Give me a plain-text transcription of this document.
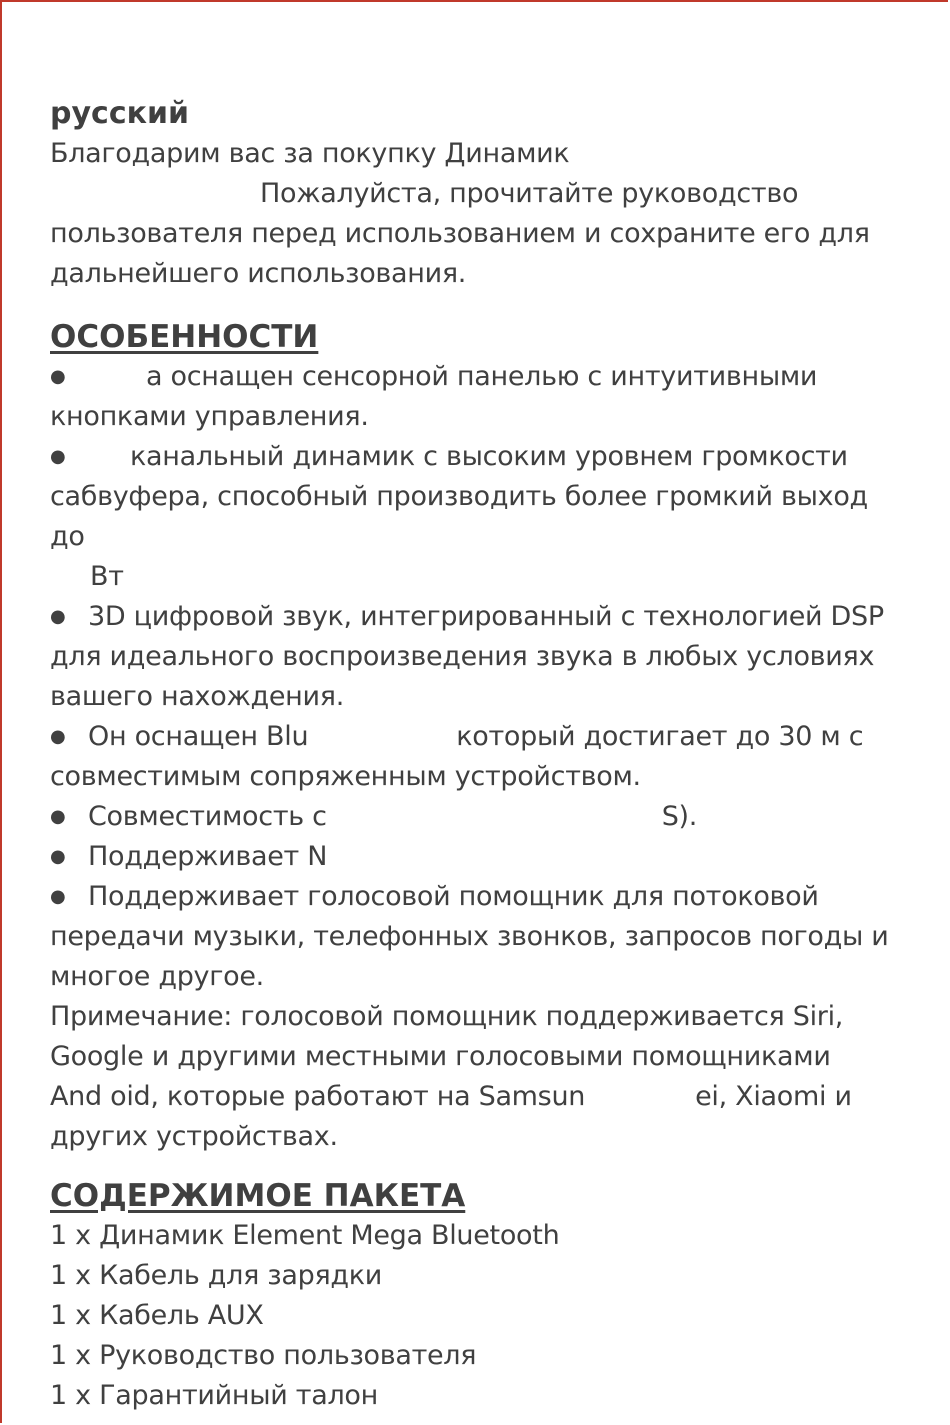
русский

Благодарим вас за покупку Динамик

Пожалуйста, прочитайте руководство

пользователя перед использованием и сохраните его для

дальнейшего использования.

ОСОБЕННОСТИ

●	а оснащен сенсорной панелью с интуитивными

кнопками управления.

● канальный динамик с высоким уровнем громкости

сабвуфера, способный производить более громкий выход до

Вт

● 3D цифровой звук, интегрированный с технологией DSP

для идеального воспроизведения звука в любых условиях

вашего нахождения.

● Он оснащен Blu	который достигает до 30 м с

совместимым сопряженным устройством.

● Совместимость с	S).

● Поддерживает N

● Поддерживает голосовой помощник для потоковой

передачи музыки, телефонных звонков, запросов погоды и

многое другое.

Примечание: голосовой помощник поддерживается Siri,

Google и другими местными голосовыми помощниками

And oid, которые работают на Samsun	ei, Xiaomi и

других устройствах.

СОДЕРЖИМОЕ ПАКЕТА

1 x Динамик Element Mega Bluetooth

1 x Кабель для зарядки

1 x Кабель AUX

1 x Руководство пользователя

1 x Гарантийный талон
